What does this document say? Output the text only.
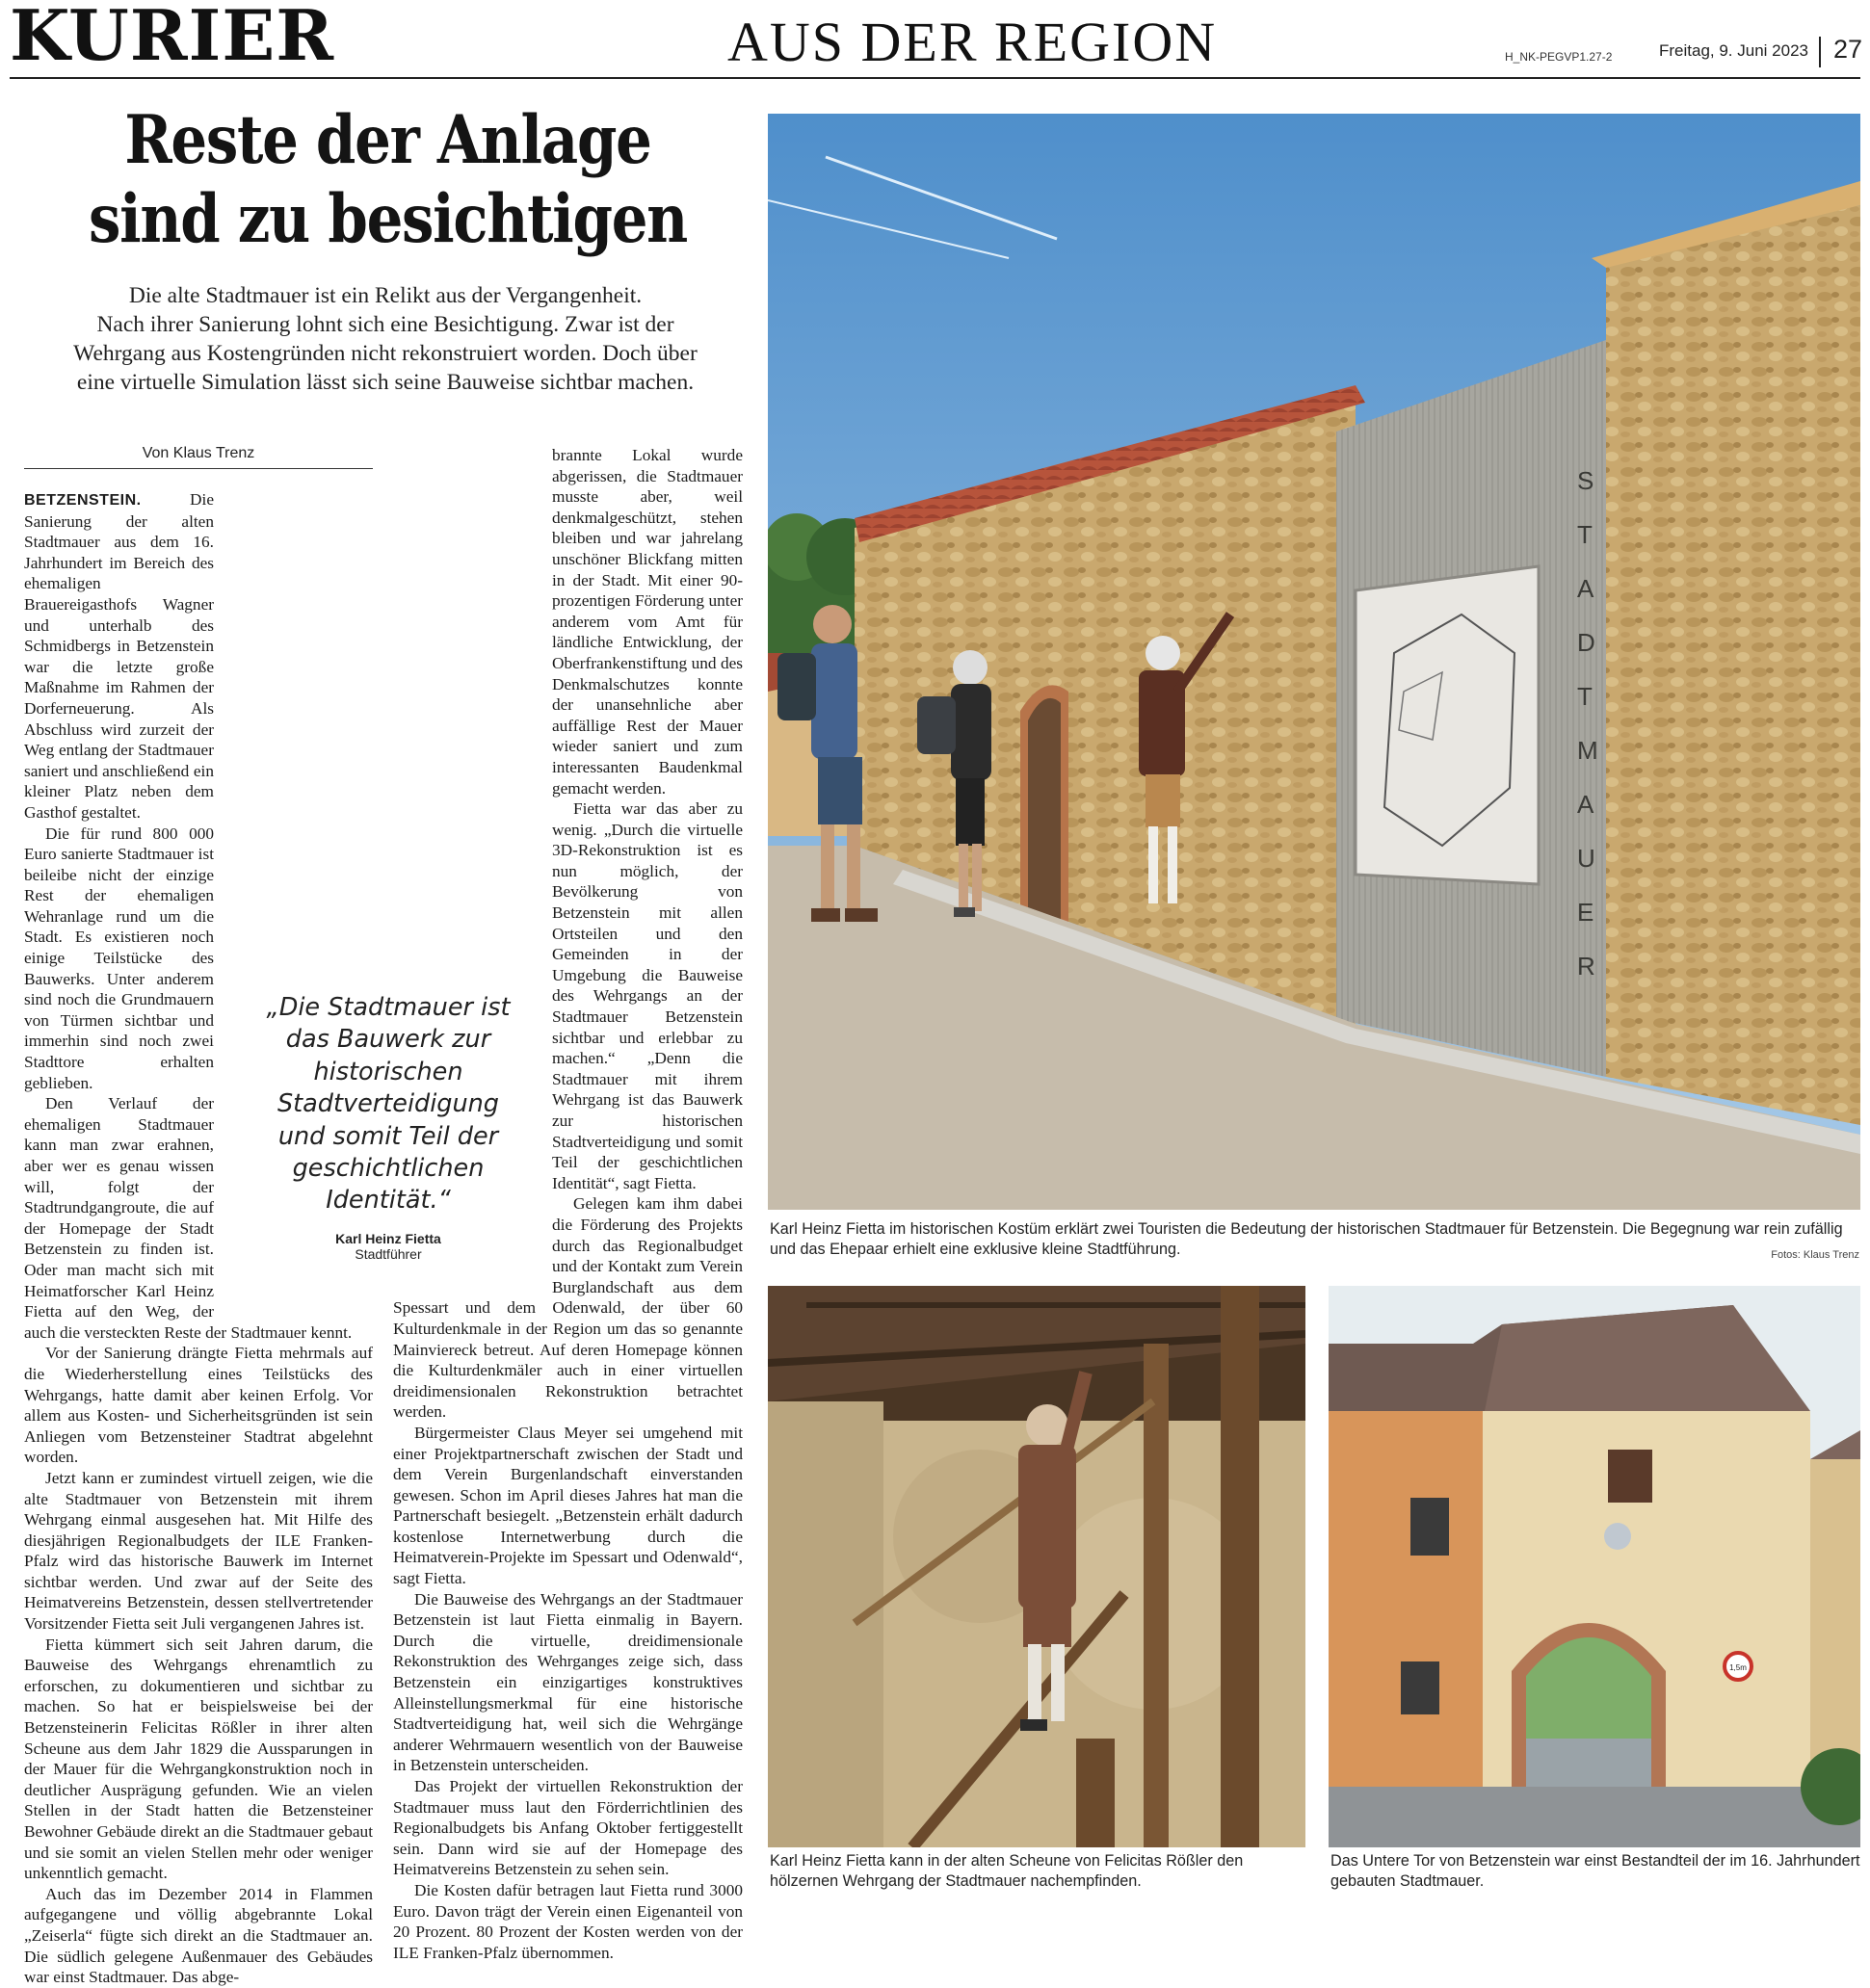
KURIER	AUS DER REGION	H_NK-PEGVP1.27-2	Freitag, 9. Juni 2023 27
Reste der Anlage
sind zu besichtigen
Die alte Stadtmauer ist ein Relikt aus der Vergangenheit.
Nach ihrer Sanierung lohnt sich eine Besichtigung. Zwar ist der
Wehrgang aus Kostengründen nicht rekonstruiert worden. Doch über
eine virtuelle Simulation lässt sich seine Bauweise sichtbar machen.
Von Klaus Trenz

BETZENSTEIN.	Die Sanierung der alten Stadtmauer aus dem 16. Jahrhundert im Bereich des ehemaligen Brauereigasthofs Wagner und unterhalb des Schmidbergs in Betzenstein war die letzte große Maßnahme im Rahmen der Dorferneuerung. Als Abschluss wird zurzeit der Weg entlang der Stadtmauer saniert und anschließend ein kleiner Platz neben dem Gasthof gestaltet.

Die für rund 800 000 Euro sanierte Stadtmauer ist beileibe nicht der einzige Rest der ehemaligen Wehranlage rund um die Stadt. Es existieren noch einige Teilstücke des Bauwerks. Unter anderem sind noch die Grundmauern von Türmen sichtbar und immerhin sind noch zwei Stadttore erhalten geblieben.

Den Verlauf der ehemaligen Stadtmauer kann man zwar erahnen, aber wer es genau wissen will, folgt der Stadtrundgangroute, die auf der Homepage der Stadt Betzenstein zu finden ist. Oder man macht sich mit Heimatforscher Karl Heinz Fietta auf den Weg, der auch die versteckten Reste der Stadtmauer kennt.

Vor der Sanierung drängte Fietta mehrmals auf die Wiederherstellung eines Teilstücks des Wehrgangs, hatte damit aber keinen Erfolg. Vor allem aus Kosten- und Sicherheitsgründen ist sein Anliegen vom Betzensteiner Stadtrat abgelehnt worden.

Jetzt kann er zumindest virtuell zeigen, wie die alte Stadtmauer von Betzenstein mit ihrem Wehrgang einmal ausgesehen hat. Mit Hilfe des diesjährigen Regionalbudgets der ILE Franken-Pfalz wird das historische Bauwerk im Internet sichtbar werden. Und zwar auf der Seite des Heimatvereins Betzenstein, dessen stellvertretender Vorsitzender Fietta seit Juli vergangenen Jahres ist.

Fietta kümmert sich seit Jahren darum, die Bauweise des Wehrgangs ehrenamtlich zu erforschen, zu dokumentieren und sichtbar zu machen. So hat er beispielsweise bei der Betzensteinerin Felicitas Rößler in ihrer alten Scheune aus dem Jahr 1829 die Aussparungen in der Mauer für die Wehrgangkonstruktion noch in deutlicher Ausprägung gefunden. Wie an vielen Stellen in der Stadt hatten die Betzensteiner Bewohner Gebäude direkt an die Stadtmauer gebaut und sie somit an vielen Stellen mehr oder weniger unkenntlich gemacht.

Auch das im Dezember 2014 in Flammen aufgegangene und völlig abgebrannte Lokal „Zeiserla“ fügte sich direkt an die Stadtmauer an. Die südlich gelegene Außenmauer des Gebäudes war einst Stadtmauer. Das abge-

brannte Lokal wurde abgerissen, die Stadtmauer musste aber, weil denkmalgeschützt, stehen bleiben und war jahrelang unschöner Blickfang mitten in der Stadt. Mit einer 90-prozentigen Förderung unter anderem vom Amt für ländliche Entwicklung, der Oberfrankenstiftung und des Denkmalschutzes konnte der unansehnliche aber auffällige Rest der Mauer wieder saniert und zum interessanten Baudenkmal gemacht werden.

Fietta war das aber zu wenig. „Durch die virtuelle 3D-Rekonstruktion ist es nun möglich, der Bevölkerung von Betzenstein mit allen Ortsteilen und den Gemeinden in der Umgebung die Bauweise des Wehrgangs an der Stadtmauer Betzenstein sichtbar und erlebbar zu machen.“ „Denn die Stadtmauer mit ihrem Wehrgang ist das Bauwerk zur historischen Stadtverteidigung und somit Teil der geschichtlichen Identität“, sagt Fietta.

Gelegen kam ihm dabei die Förderung des Projekts durch das Regionalbudget und der Kontakt zum Verein Burglandschaft aus dem Spessart und dem Odenwald, der über 60 Kulturdenkmale in der Region um das so genannte Mainviereck betreut. Auf deren Homepage können die Kulturdenkmäler auch in einer virtuellen dreidimensionalen Rekonstruktion betrachtet werden.

Bürgermeister Claus Meyer sei umgehend mit einer Projektpartnerschaft zwischen der Stadt und dem Verein Burgenlandschaft einverstanden gewesen. Schon im April dieses Jahres hat man die Partnerschaft besiegelt. „Betzenstein erhält dadurch kostenlose Internetwerbung durch die Heimatverein-Projekte im Spessart und Odenwald“, sagt Fietta.

Die Bauweise des Wehrgangs an der Stadtmauer Betzenstein ist laut Fietta einmalig in Bayern. Durch die virtuelle, dreidimensionale Rekonstruktion des Wehrganges zeige sich, dass Betzenstein ein einzigartiges konstruktives Alleinstellungsmerkmal für eine historische Stadtverteidigung hat, weil sich die Wehrgänge anderer Wehrmauern wesentlich von der Bauweise in Betzenstein unterscheiden.

Das Projekt der virtuellen Rekonstruktion der Stadtmauer muss laut den Förderrichtlinien des Regionalbudgets bis Anfang Oktober fertiggestellt sein. Dann wird sie auf der Homepage des Heimatvereins Betzenstein zu sehen sein.

Die Kosten dafür betragen laut Fietta rund 3000 Euro. Davon trägt der Verein einen Eigenanteil von 20 Prozent. 80 Prozent der Kosten werden von der ILE Franken-Pfalz übernommen.

„Die Stadtmauer ist das Bauwerk zur historischen Stadtverteidigung und somit Teil der geschichtlichen Identität.“
Karl Heinz Fietta
Stadtführer
S T A D T M A U E R
Karl Heinz Fietta im historischen Kostüm erklärt zwei Touristen die Bedeutung der historischen Stadtmauer für Betzenstein. Die Begegnung war rein zufällig und das Ehepaar erhielt eine exklusive kleine Stadtführung.	Fotos: Klaus Trenz
Karl Heinz Fietta kann in der alten Scheune von Felicitas Rößler den hölzernen Wehrgang der Stadtmauer nachempfinden.
1,5m
Das Untere Tor von Betzenstein war einst Bestandteil der im 16. Jahrhundert gebauten Stadtmauer.
